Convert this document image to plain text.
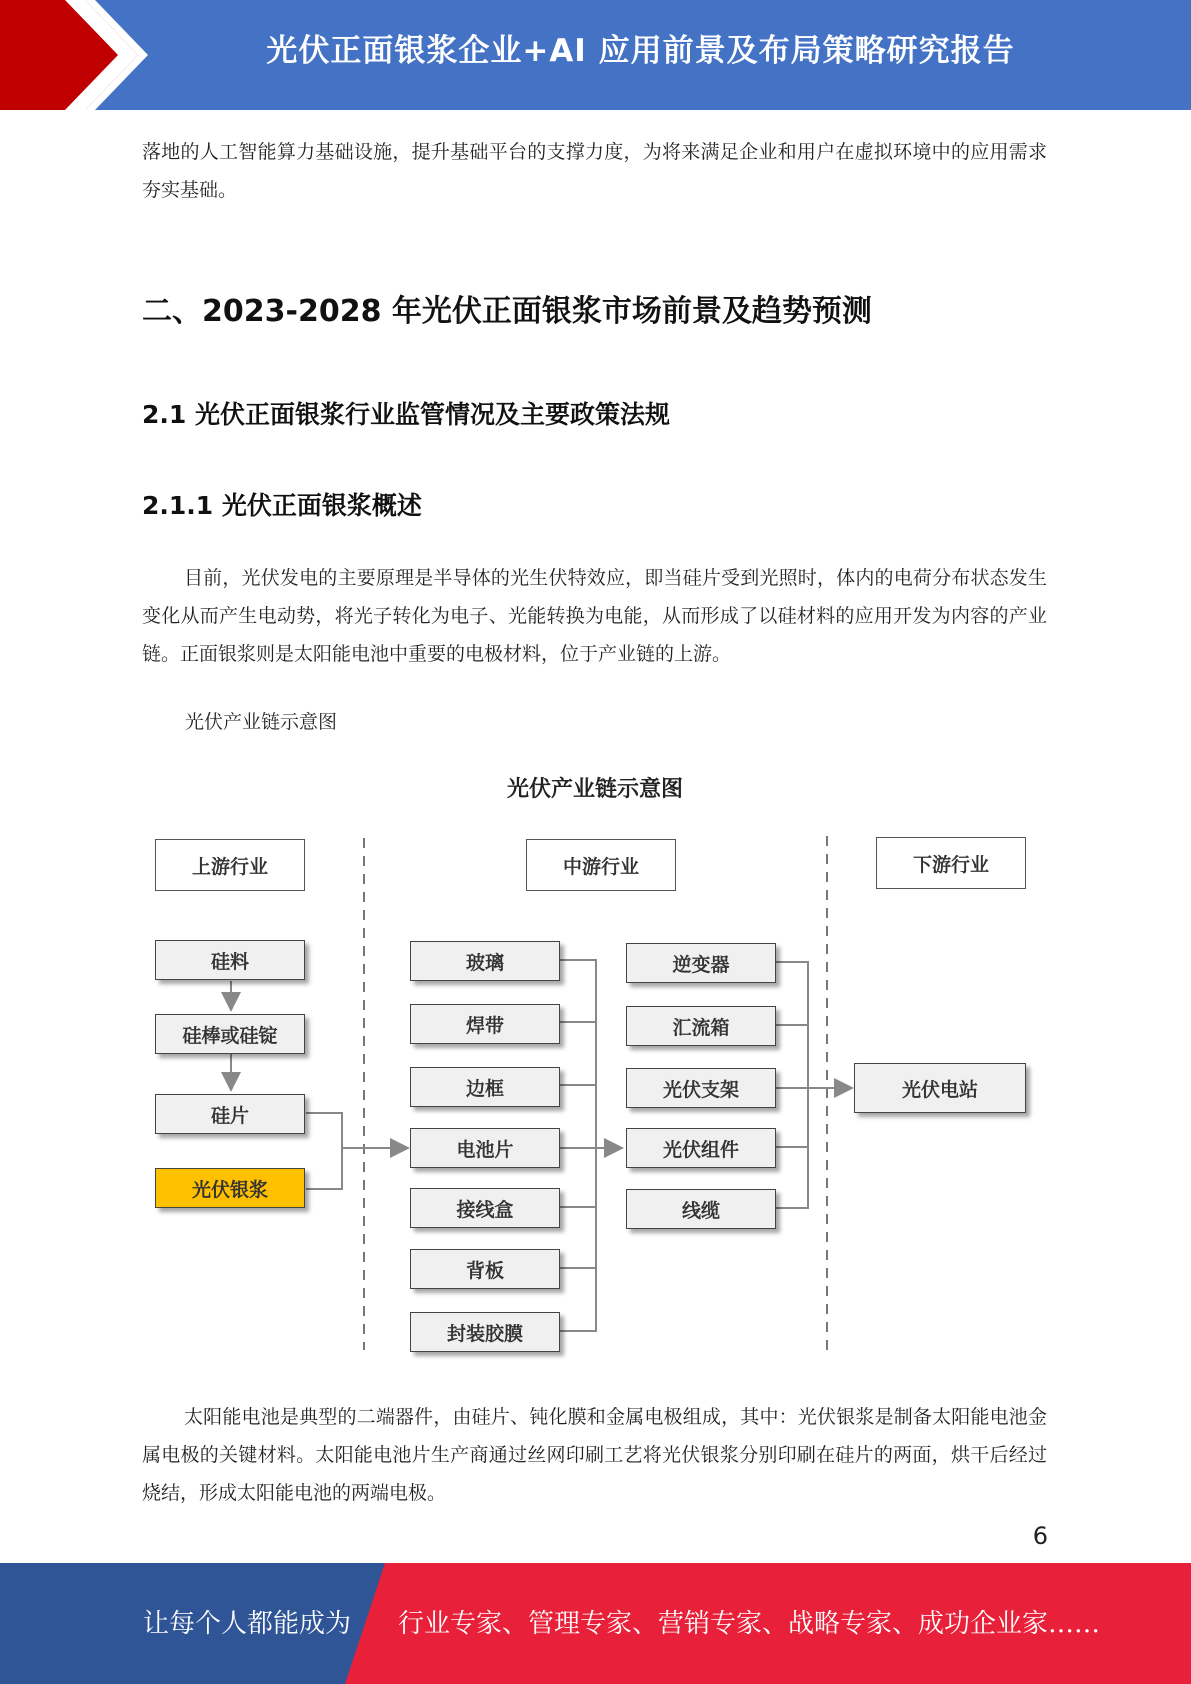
光伏正面银浆企业+AI 应用前景及布局策略研究报告
落地的人工智能算力基础设施，提升基础平台的支撑力度，为将来满足企业和用户在虚拟环境中的应用需求夯实基础。
二、2023-2028 年光伏正面银浆市场前景及趋势预测
2.1 光伏正面银浆行业监管情况及主要政策法规
2.1.1 光伏正面银浆概述
目前，光伏发电的主要原理是半导体的光生伏特效应，即当硅片受到光照时，体内的电荷分布状态发生变化从而产生电动势，将光子转化为电子、光能转换为电能，从而形成了以硅材料的应用开发为内容的产业链。正面银浆则是太阳能电池中重要的电极材料，位于产业链的上游。
光伏产业链示意图
光伏产业链示意图
上游行业	中游行业	下游行业
硅料
硅棒或硅锭
硅片
光伏银浆
玻璃
焊带
边框
电池片
接线盒
背板
封装胶膜
逆变器
汇流箱
光伏支架
光伏组件
线缆
光伏电站
太阳能电池是典型的二端器件，由硅片、钝化膜和金属电极组成，其中：光伏银浆是制备太阳能电池金属电极的关键材料。太阳能电池片生产商通过丝网印刷工艺将光伏银浆分别印刷在硅片的两面，烘干后经过烧结，形成太阳能电池的两端电极。
6
让每个人都能成为 行业专家、管理专家、营销专家、战略专家、成功企业家……
